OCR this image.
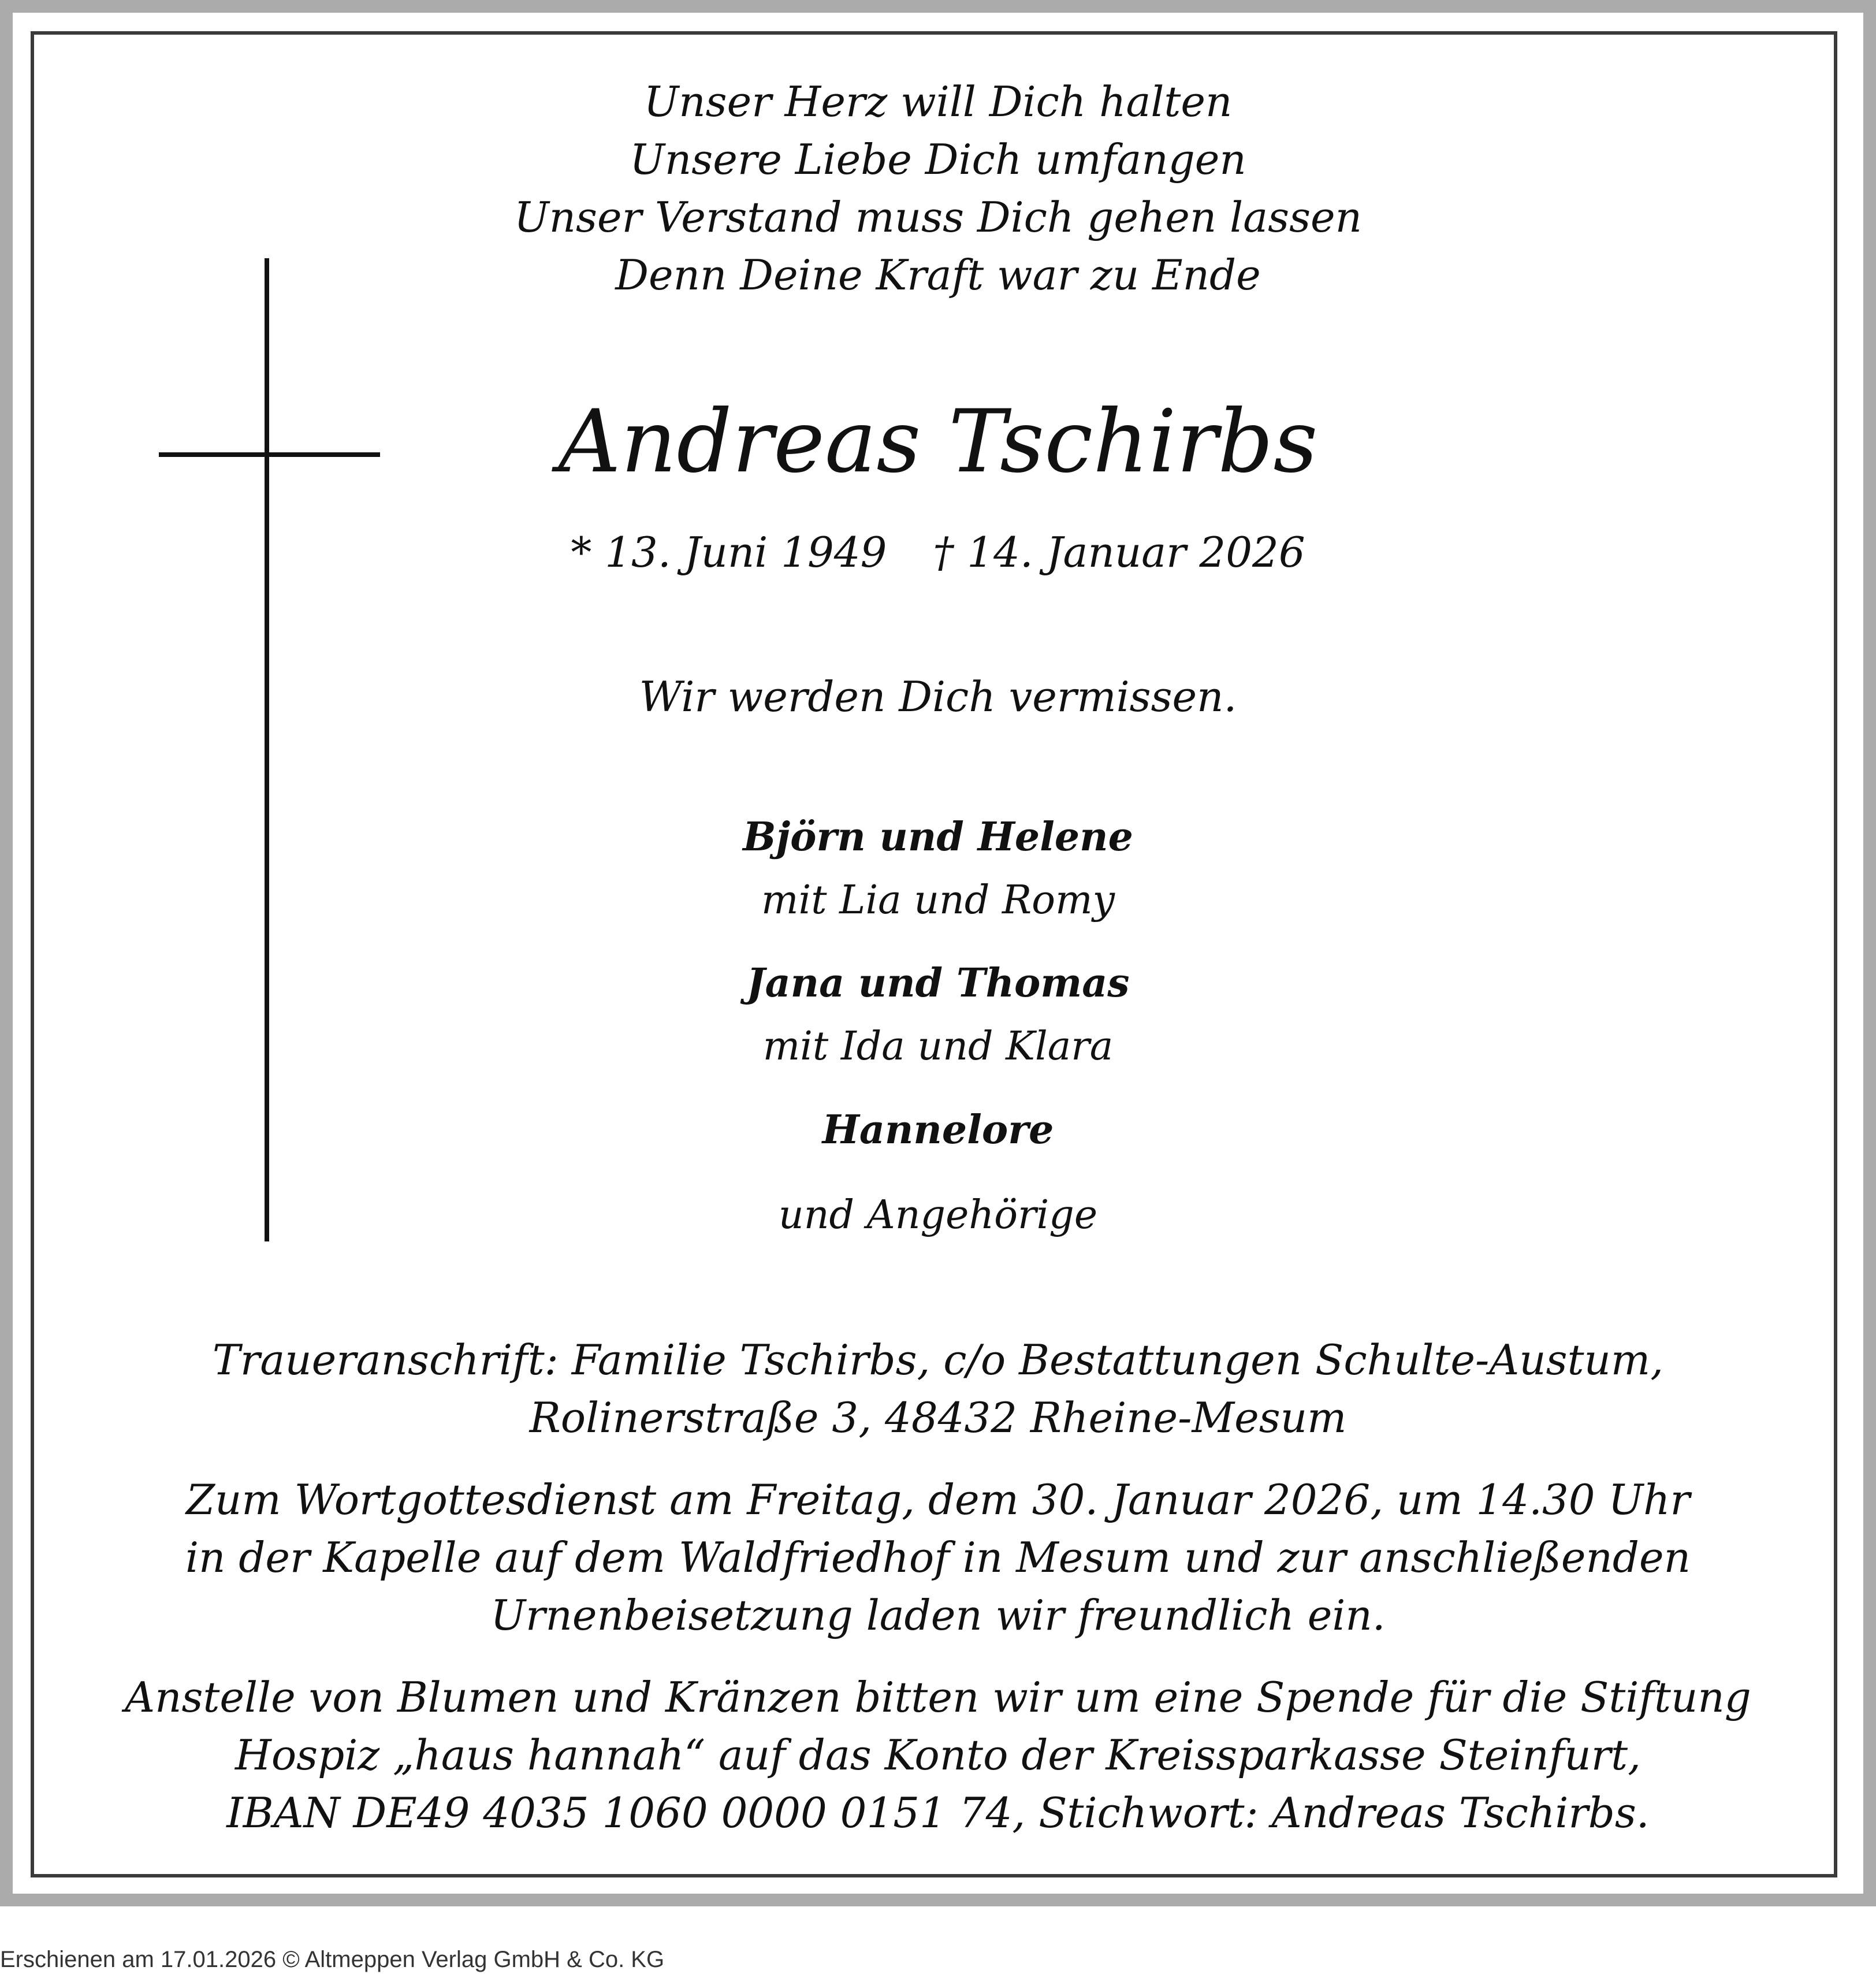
Unser Herz will Dich halten
Unsere Liebe Dich umfangen
Unser Verstand muss Dich gehen lassen
Denn Deine Kraft war zu Ende
Andreas Tschirbs
* 13. Juni 1949 † 14. Januar 2026
Wir werden Dich vermissen.
Björn und Helene
mit Lia und Romy
Jana und Thomas
mit Ida und Klara
Hannelore
und Angehörige
Traueranschrift: Familie Tschirbs, c/o Bestattungen Schulte-Austum,
Rolinerstraße 3, 48432 Rheine-Mesum
Zum Wortgottesdienst am Freitag, dem 30. Januar 2026, um 14.30 Uhr
in der Kapelle auf dem Waldfriedhof in Mesum und zur anschließenden
Urnenbeisetzung laden wir freundlich ein.
Anstelle von Blumen und Kränzen bitten wir um eine Spende für die Stiftung
Hospiz „haus hannah“ auf das Konto der Kreissparkasse Steinfurt,
IBAN DE49 4035 1060 0000 0151 74, Stichwort: Andreas Tschirbs.
Erschienen am 17.01.2026 © Altmeppen Verlag GmbH & Co. KG
